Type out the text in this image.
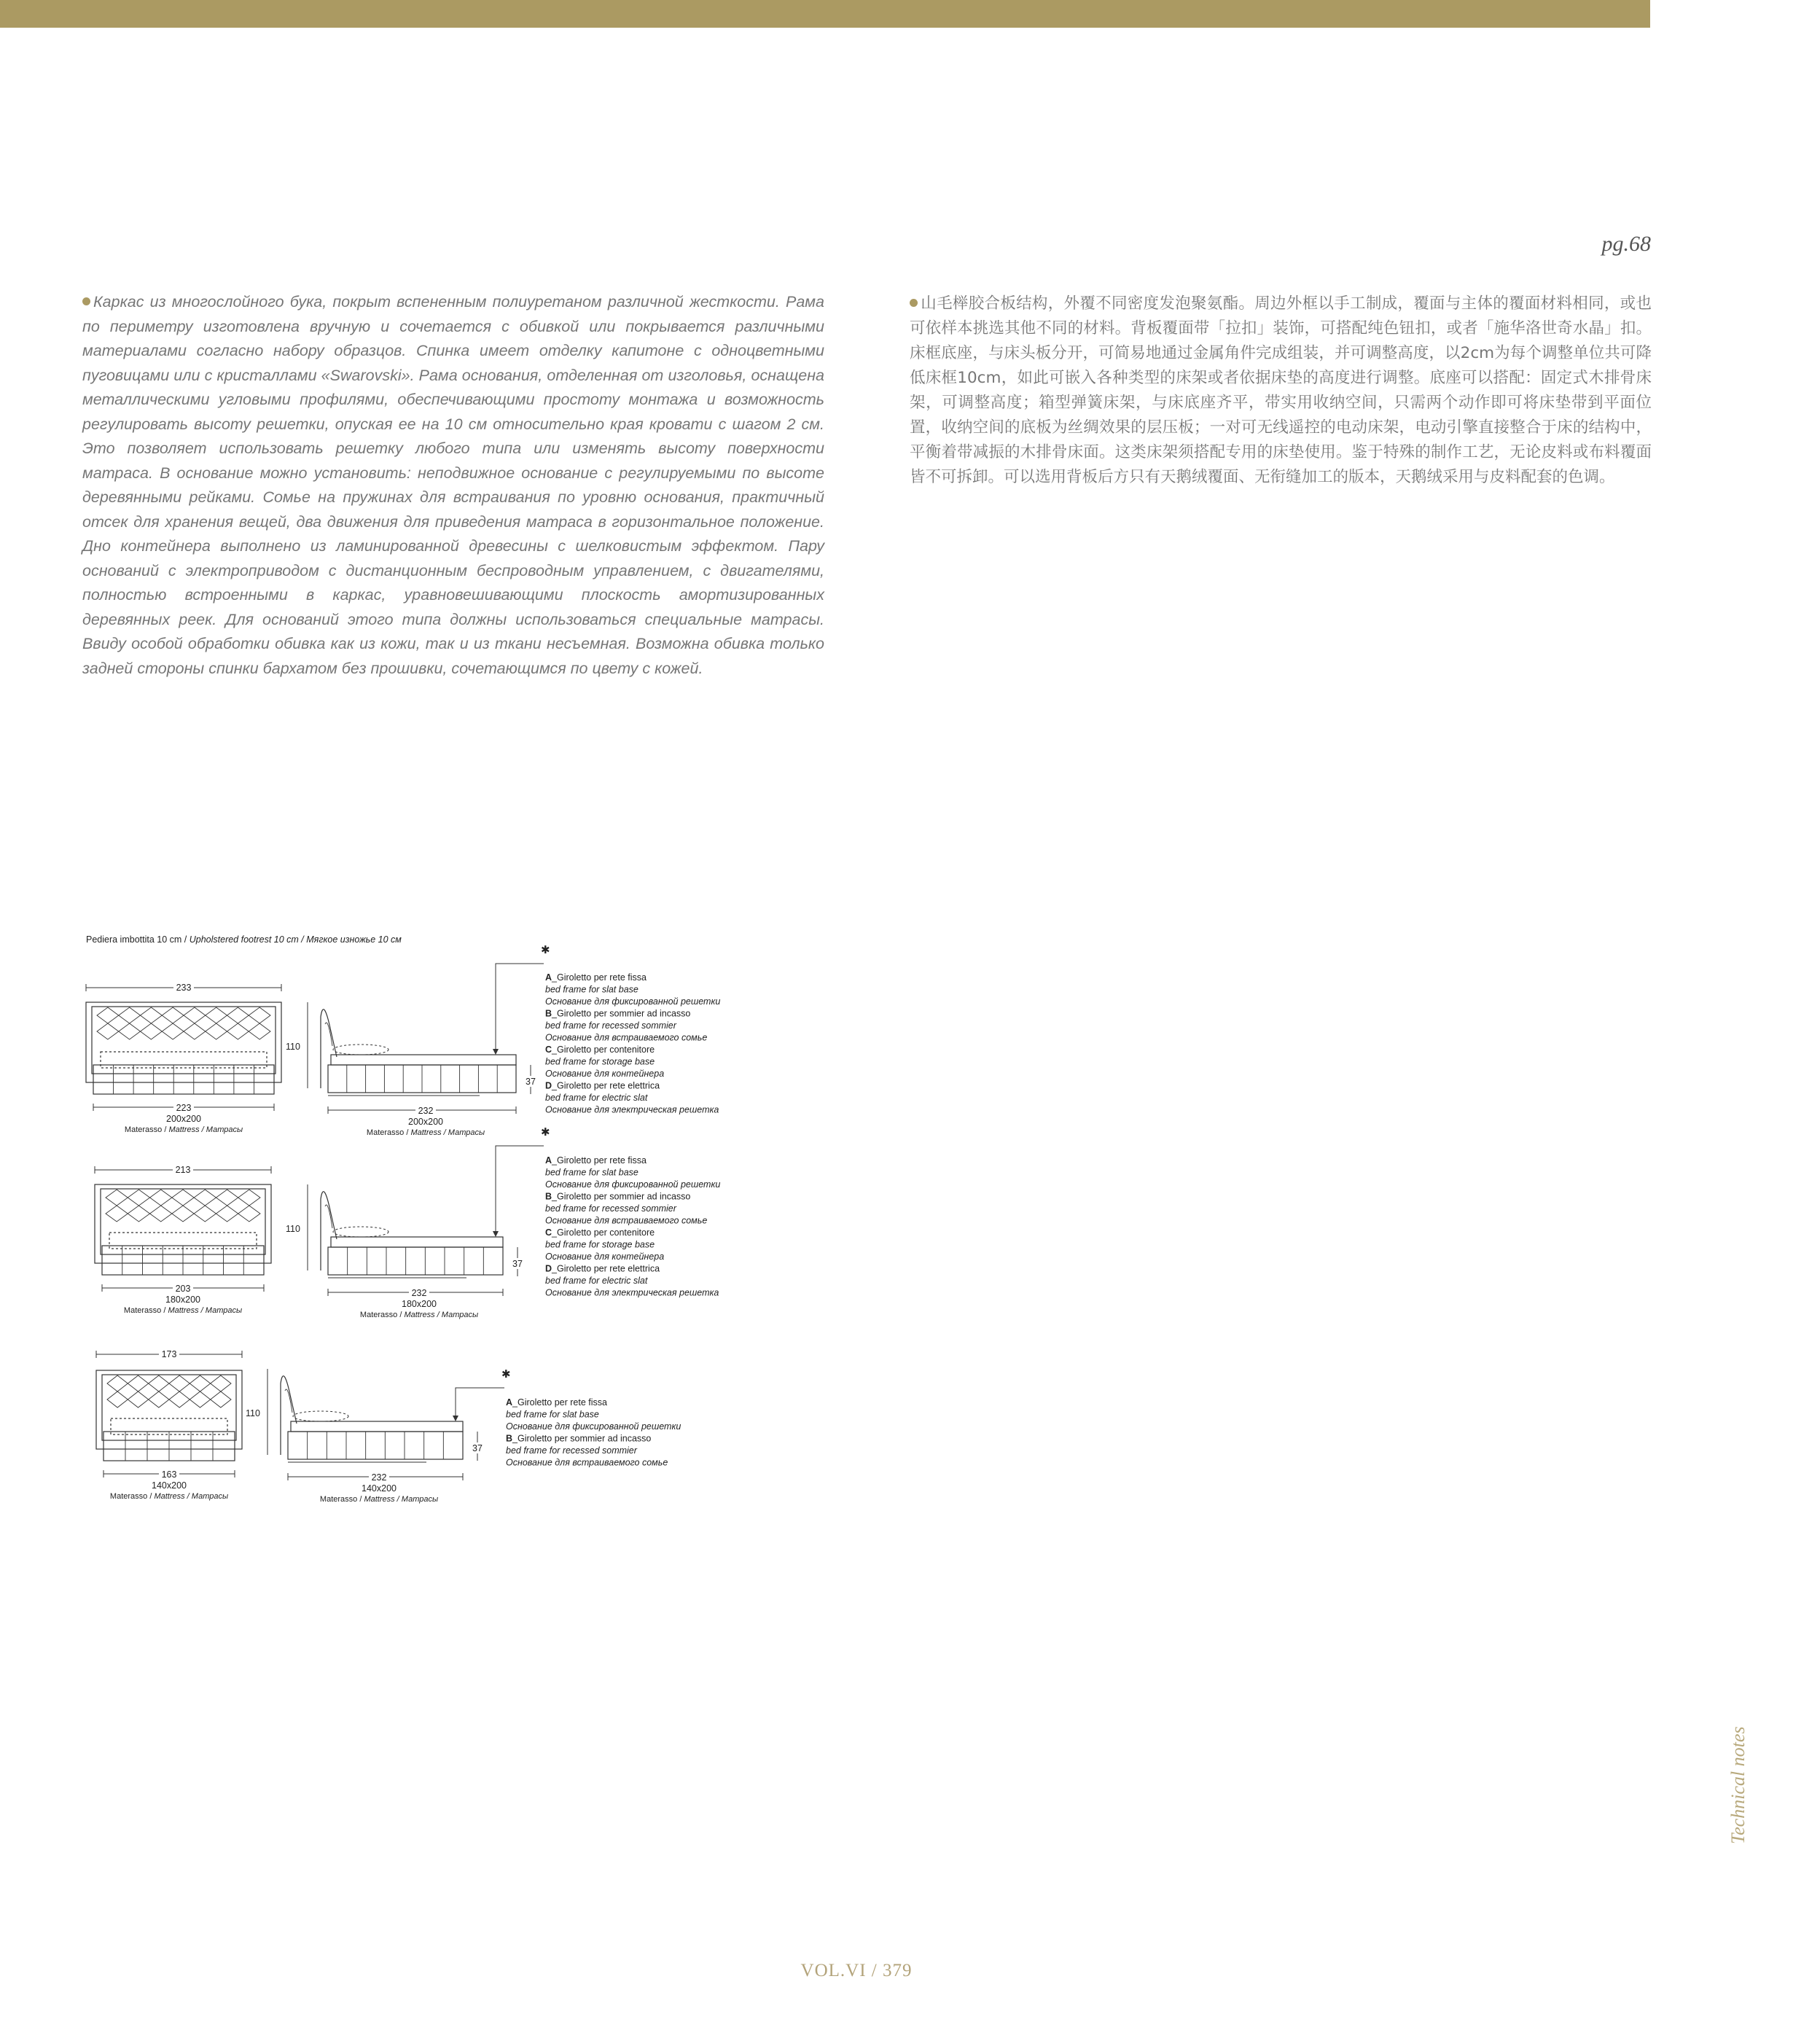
pg.68
Каркас из многослойного бука, покрыт вспененным полиуретаном различной жесткости. Рама по периметру изготовлена вручную и сочетается с обивкой или покрывается различными материалами согласно набору образцов. Спинка имеет отделку капитоне с одноцветными пуговицами или с кристаллами «Swarovski». Рама основания, отделенная от изголовья, оснащена металлическими угловыми профилями, обеспечивающими простоту монтажа и возможность регулировать высоту решетки, опуская ее на 10 см относительно края кровати с шагом 2 см. Это позволяет использовать решетку любого типа или изменять высоту поверхности матраса. В основание можно установить: неподвижное основание с регулируемыми по высоте деревянными рейками. Сомье на пружинах для встраивания по уровню основания, практичный отсек для хранения вещей, два движения для приведения матраса в горизонтальное положение. Дно контейнера выполнено из ламинированной древесины с шелковистым эффектом. Пару оснований с электроприводом с дистанционным беспроводным управлением, с двигателями, полностью встроенными в каркас, уравновешивающими плоскость амортизированных деревянных реек. Для оснований этого типа должны использоваться специальные матрасы. Ввиду особой обработки обивка как из кожи, так и из ткани несъемная. Возможна обивка только задней стороны спинки бархатом без прошивки, сочетающимся по цвету с кожей.
山毛榉胶合板结构，外覆不同密度发泡聚氨酯。周边外框以手工制成，覆面与主体的覆面材料相同，或也可依样本挑选其他不同的材料。背板覆面带「拉扣」装饰，可搭配纯色钮扣，或者「施华洛世奇水晶」扣。床框底座，与床头板分开，可简易地通过金属角件完成组装，并可调整高度，以2cm为每个调整单位共可降低床框10cm，如此可嵌入各种类型的床架或者依据床垫的高度进行调整。底座可以搭配：固定式木排骨床架，可调整高度；箱型弹簧床架，与床底座齐平，带实用收纳空间，只需两个动作即可将床垫带到平面位置，收纳空间的底板为丝绸效果的层压板；一对可无线遥控的电动床架，电动引擎直接整合于床的结构中，平衡着带减振的木排骨床面。这类床架须搭配专用的床垫使用。鉴于特殊的制作工艺，无论皮料或布料覆面皆不可拆卸。可以选用背板后方只有天鹅绒覆面、无衔缝加工的版本，天鹅绒采用与皮料配套的色调。
Pediera imbottita 10 cm / Upholstered footrest 10 cm / Мягкое изножье 10 см
233
223
200x200
Materasso / Mattress / Матрасы
110
37
232
200x200
Materasso / Mattress / Матрасы
✱
A_Giroletto per rete fissa
bed frame for slat base
Основание для фиксированной решетки
B_Giroletto per sommier ad incasso
bed frame for recessed sommier
Основание для встраиваемого сомье
C_Giroletto per contenitore
bed frame for storage base
Основание для контейнера
D_Giroletto per rete elettrica
bed frame for electric slat
Основание для электрическая решетка
213
203
180x200
Materasso / Mattress / Матрасы
110
37
232
180x200
Materasso / Mattress / Матрасы
✱
A_Giroletto per rete fissa
bed frame for slat base
Основание для фиксированной решетки
B_Giroletto per sommier ad incasso
bed frame for recessed sommier
Основание для встраиваемого сомье
C_Giroletto per contenitore
bed frame for storage base
Основание для контейнера
D_Giroletto per rete elettrica
bed frame for electric slat
Основание для электрическая решетка
173
163
140x200
Materasso / Mattress / Матрасы
110
37
232
140x200
Materasso / Mattress / Матрасы
✱
A_Giroletto per rete fissa
bed frame for slat base
Основание для фиксированной решетки
B_Giroletto per sommier ad incasso
bed frame for recessed sommier
Основание для встраиваемого сомье
Technical notes
VOL.VI / 379
